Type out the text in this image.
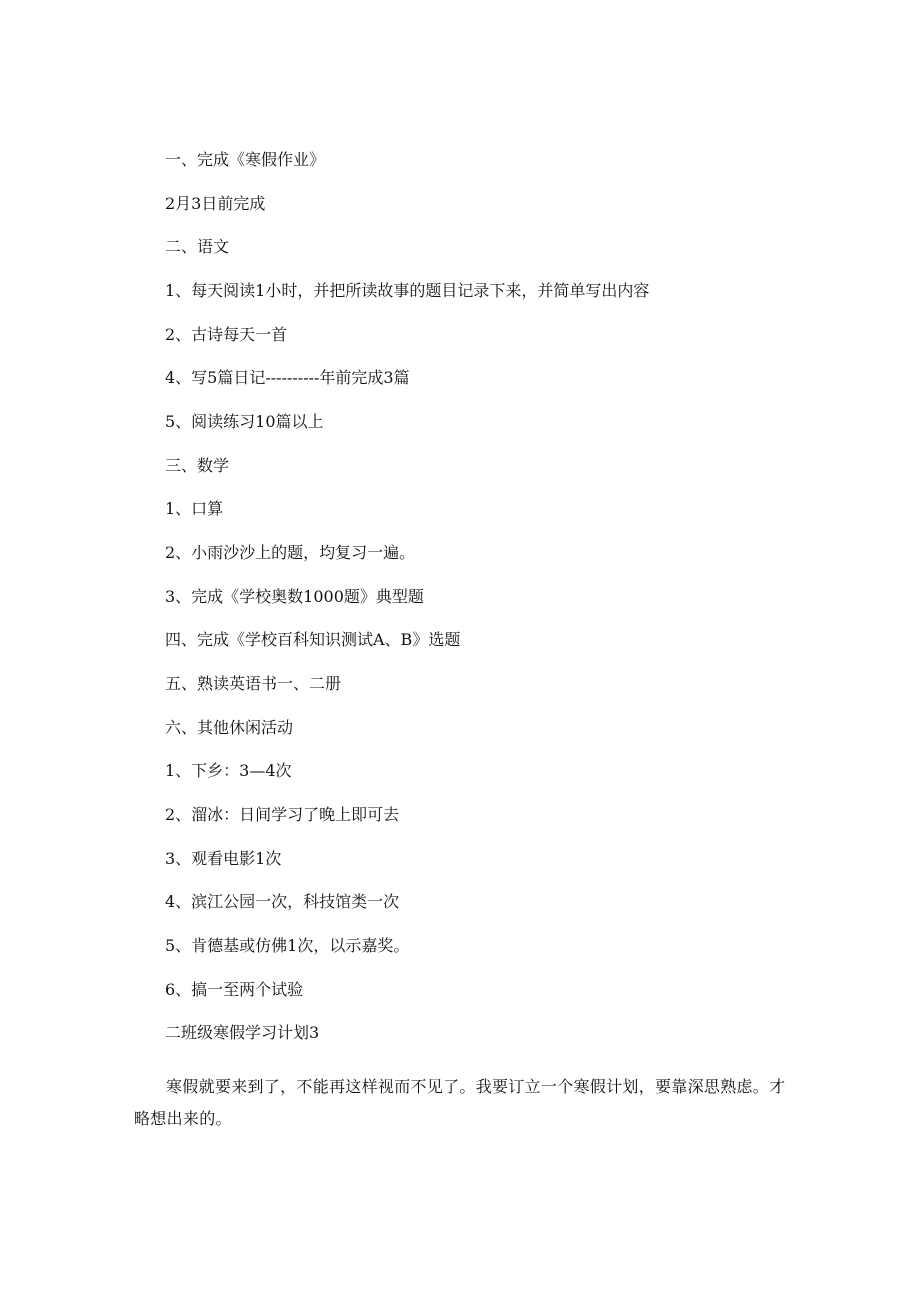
一、完成《寒假作业》
2月3日前完成
二、语文
1、每天阅读1小时，并把所读故事的题目记录下来，并简单写出内容
2、古诗每天一首
4、写5篇日记----------年前完成3篇
5、阅读练习10篇以上
三、数学
1、口算
2、小雨沙沙上的题，均复习一遍。
3、完成《学校奥数1000题》典型题
四、完成《学校百科知识测试A、B》选题
五、熟读英语书一、二册
六、其他休闲活动
1、下乡：3—4次
2、溜冰：日间学习了晚上即可去
3、观看电影1次
4、滨江公园一次，科技馆类一次
5、肯德基或仿佛1次，以示嘉奖。
6、搞一至两个试验
二班级寒假学习计划3
寒假就要来到了，不能再这样视而不见了。我要订立一个寒假计划，要靠深思熟虑。才略想出来的。
